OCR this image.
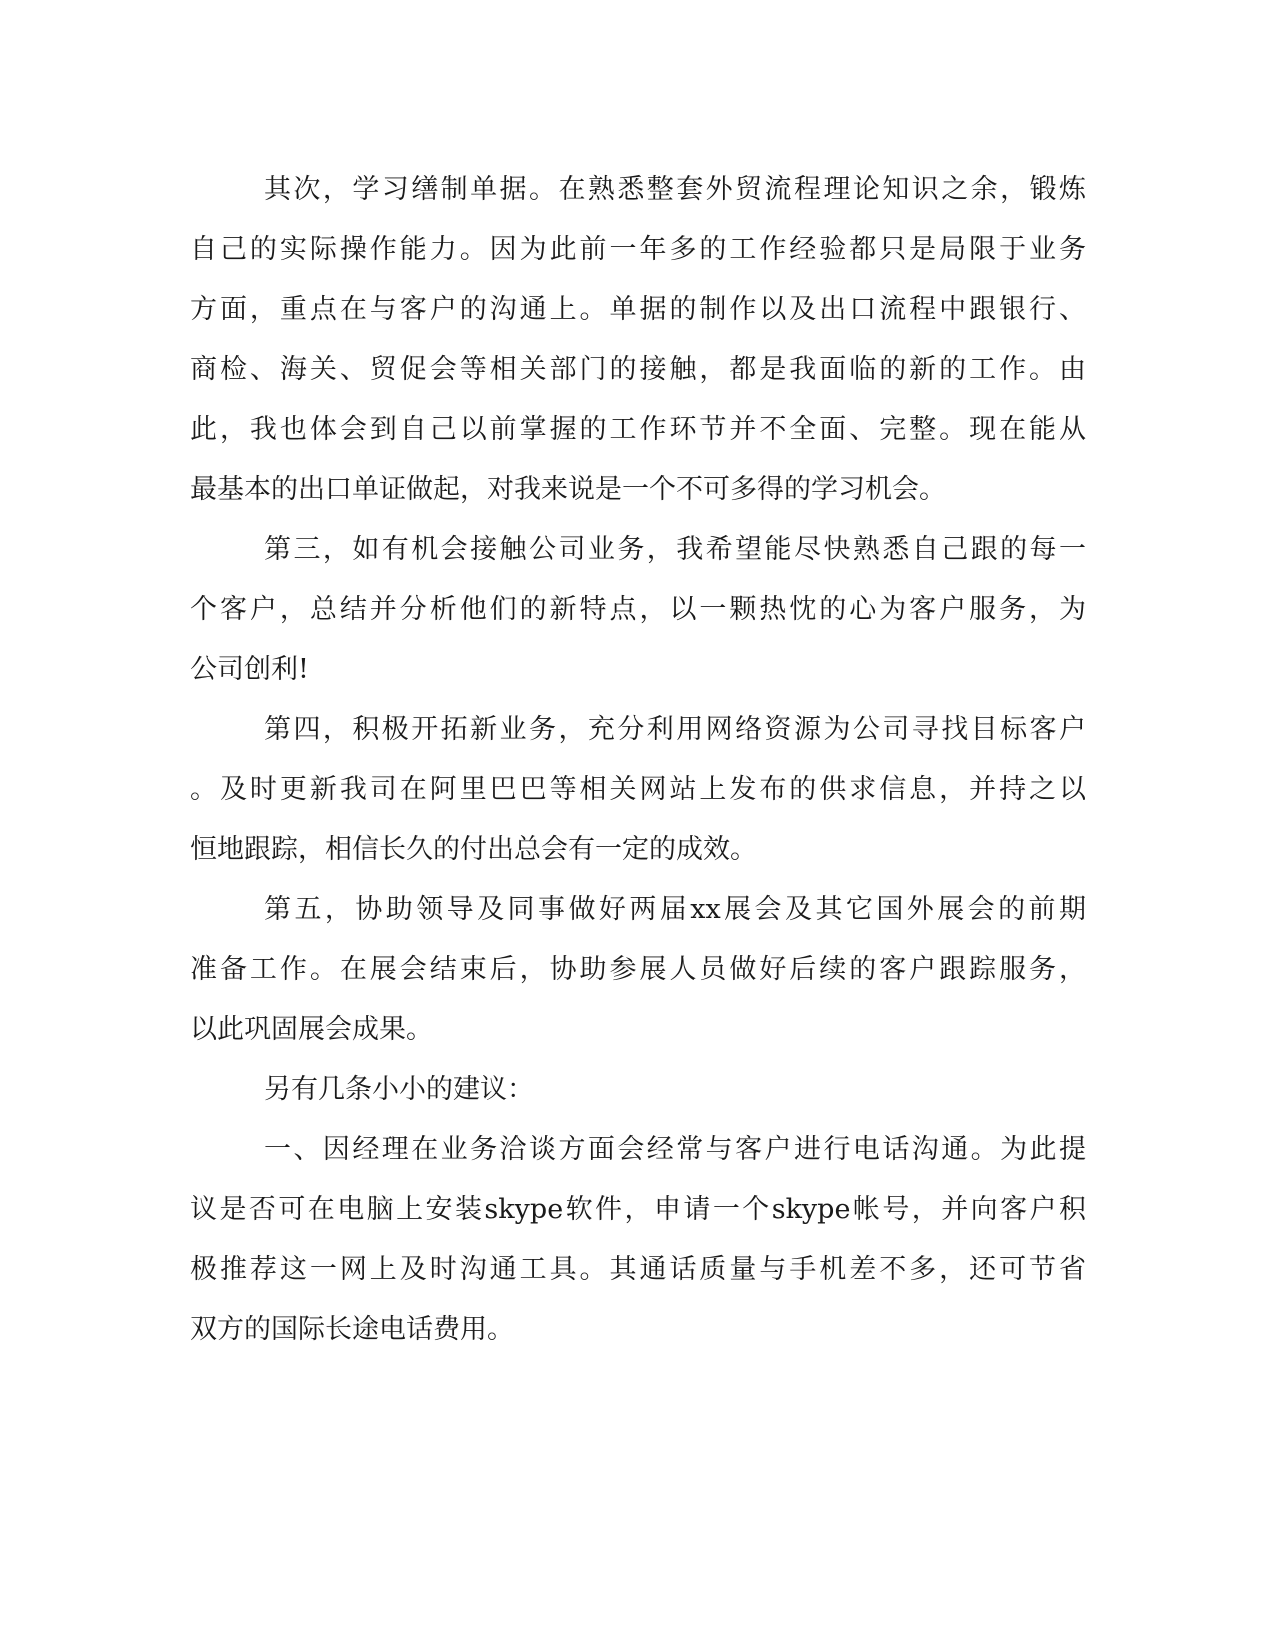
其次，学习缮制单据。在熟悉整套外贸流程理论知识之余，锻炼
自己的实际操作能力。因为此前一年多的工作经验都只是局限于业务
方面，重点在与客户的沟通上。单据的制作以及出口流程中跟银行、
商检、海关、贸促会等相关部门的接触，都是我面临的新的工作。由
此，我也体会到自己以前掌握的工作环节并不全面、完整。现在能从
最基本的出口单证做起，对我来说是一个不可多得的学习机会。
第三，如有机会接触公司业务，我希望能尽快熟悉自己跟的每一
个客户，总结并分析他们的新特点，以一颗热忱的心为客户服务，为
公司创利!
第四，积极开拓新业务，充分利用网络资源为公司寻找目标客户
。及时更新我司在阿里巴巴等相关网站上发布的供求信息，并持之以
恒地跟踪，相信长久的付出总会有一定的成效。
第五，协助领导及同事做好两届xx展会及其它国外展会的前期
准备工作。在展会结束后，协助参展人员做好后续的客户跟踪服务，
以此巩固展会成果。
另有几条小小的建议：
一、因经理在业务洽谈方面会经常与客户进行电话沟通。为此提
议是否可在电脑上安装skype软件，申请一个skype帐号，并向客户积
极推荐这一网上及时沟通工具。其通话质量与手机差不多，还可节省
双方的国际长途电话费用。
